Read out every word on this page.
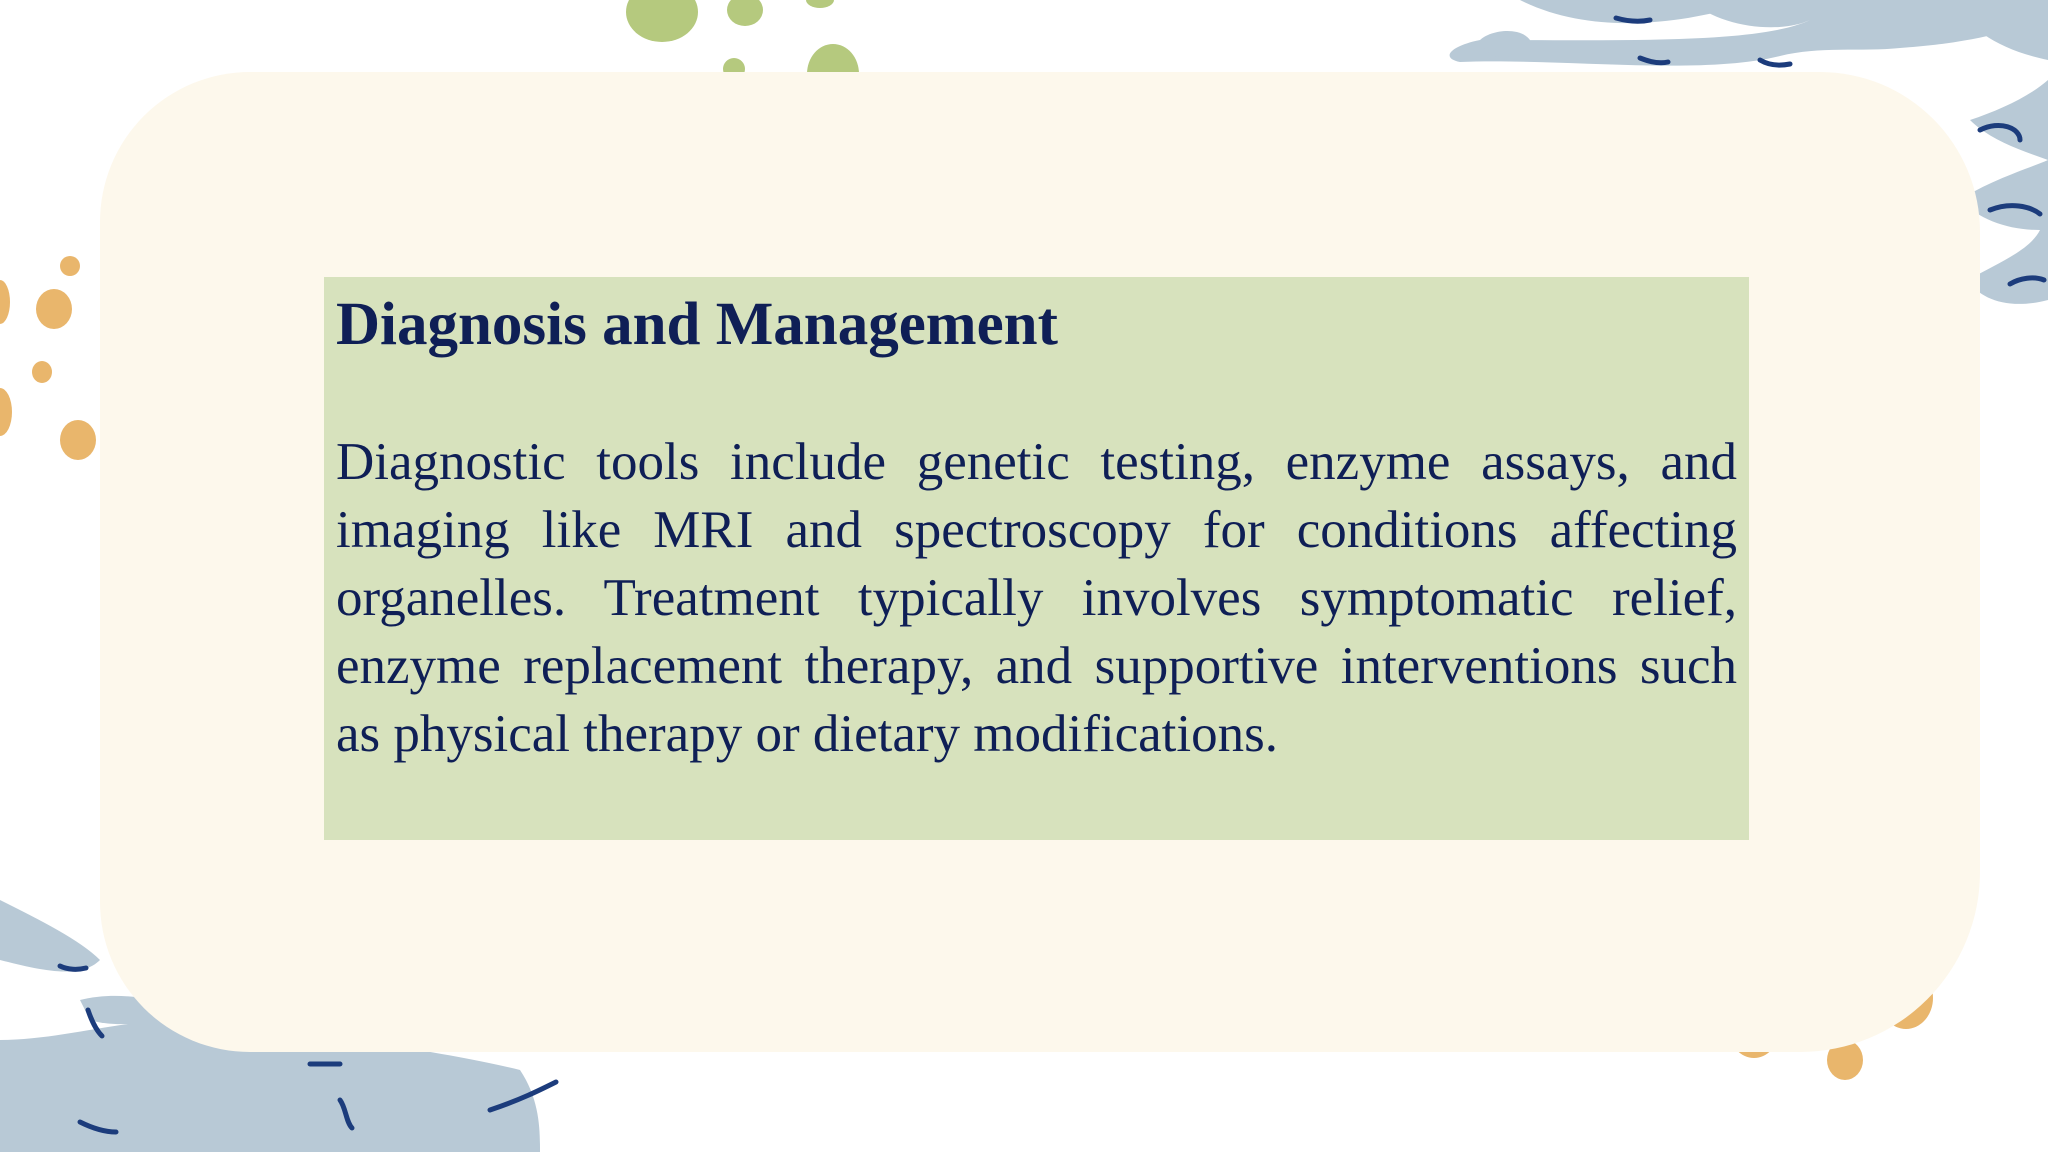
Diagnosis and Management

Diagnostic tools include genetic testing, enzyme assays, and imaging like MRI and spectroscopy for conditions affecting organelles. Treatment typically involves symptomatic relief, enzyme replacement therapy, and supportive interventions such as physical therapy or dietary modifications.
